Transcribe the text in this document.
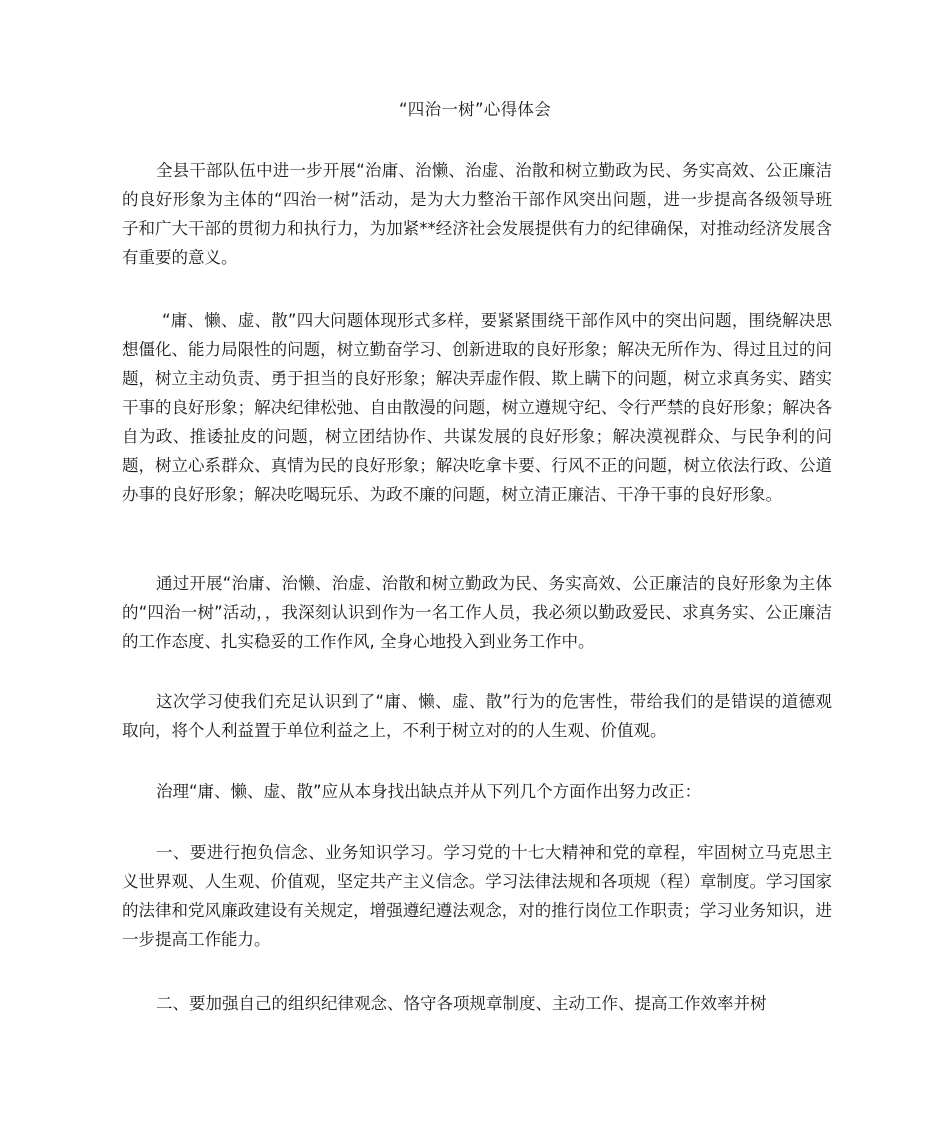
“四治一树”心得体会

全县干部队伍中进一步开展“治庸、治懒、治虚、治散和树立勤政为民、务实高效、公正廉洁的良好形象为主体的“四治一树”活动，是为大力整治干部作风突出问题，进一步提高各级领导班子和广大干部的贯彻力和执行力，为加紧**经济社会发展提供有力的纪律确保，对推动经济发展含有重要的意义。

“庸、懒、虚、散”四大问题体现形式多样，要紧紧围绕干部作风中的突出问题，围绕解决思想僵化、能力局限性的问题，树立勤奋学习、创新进取的良好形象；解决无所作为、得过且过的问题，树立主动负责、勇于担当的良好形象；解决弄虚作假、欺上瞒下的问题，树立求真务实、踏实干事的良好形象；解决纪律松弛、自由散漫的问题，树立遵规守纪、令行严禁的良好形象；解决各自为政、推诿扯皮的问题，树立团结协作、共谋发展的良好形象；解决漠视群众、与民争利的问题，树立心系群众、真情为民的良好形象；解决吃拿卡要、行风不正的问题，树立依法行政、公道办事的良好形象；解决吃喝玩乐、为政不廉的问题，树立清正廉洁、干净干事的良好形象。

通过开展“治庸、治懒、治虚、治散和树立勤政为民、务实高效、公正廉洁的良好形象为主体的“四治一树”活动，，我深刻认识到作为一名工作人员，我必须以勤政爱民、求真务实、公正廉洁的工作态度、扎实稳妥的工作作风, 全身心地投入到业务工作中。

这次学习使我们充足认识到了“庸、懒、虚、散”行为的危害性，带给我们的是错误的道德观取向，将个人利益置于单位利益之上，不利于树立对的的人生观、价值观。

治理“庸、懒、虚、散”应从本身找出缺点并从下列几个方面作出努力改正：

一、要进行抱负信念、业务知识学习。学习党的十七大精神和党的章程，牢固树立马克思主义世界观、人生观、价值观，坚定共产主义信念。学习法律法规和各项规（程）章制度。学习国家的法律和党风廉政建设有关规定，增强遵纪遵法观念，对的推行岗位工作职责；学习业务知识，进一步提高工作能力。

二、要加强自己的组织纪律观念、恪守各项规章制度、主动工作、提高工作效率并树
